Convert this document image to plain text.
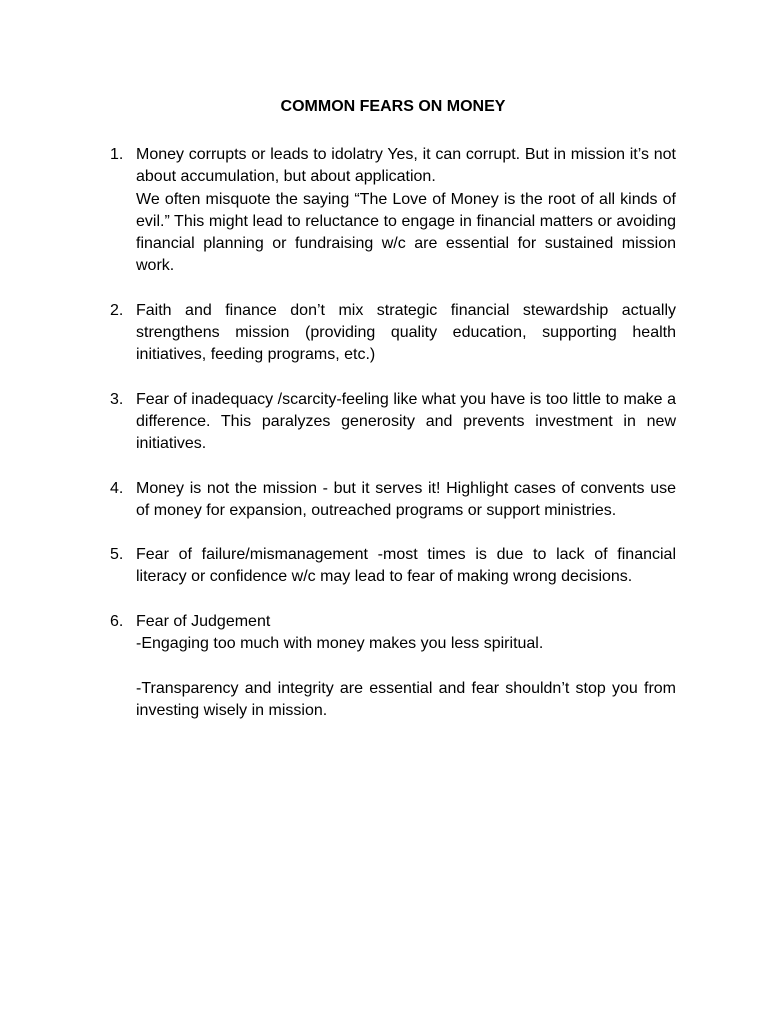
COMMON FEARS ON MONEY
1. Money corrupts or leads to idolatry Yes, it can corrupt. But in mission it’s not about accumulation, but about application.

We often misquote the saying “The Love of Money is the root of all kinds of evil.” This might lead to reluctance to engage in financial matters or avoiding financial planning or fundraising w/c are essential for sustained mission work.

2. Faith and finance don’t mix strategic financial stewardship actually strengthens mission (providing quality education, supporting health initiatives, feeding programs, etc.)

3. Fear of inadequacy /scarcity-feeling like what you have is too little to make a difference. This paralyzes generosity and prevents investment in new initiatives.

4. Money is not the mission - but it serves it! Highlight cases of convents use of money for expansion, outreached programs or support ministries.

5. Fear of failure/mismanagement -most times is due to lack of financial literacy or confidence w/c may lead to fear of making wrong decisions.

6. Fear of Judgement

-Engaging too much with money makes you less spiritual.

-Transparency and integrity are essential and fear shouldn’t stop you from investing wisely in mission.
